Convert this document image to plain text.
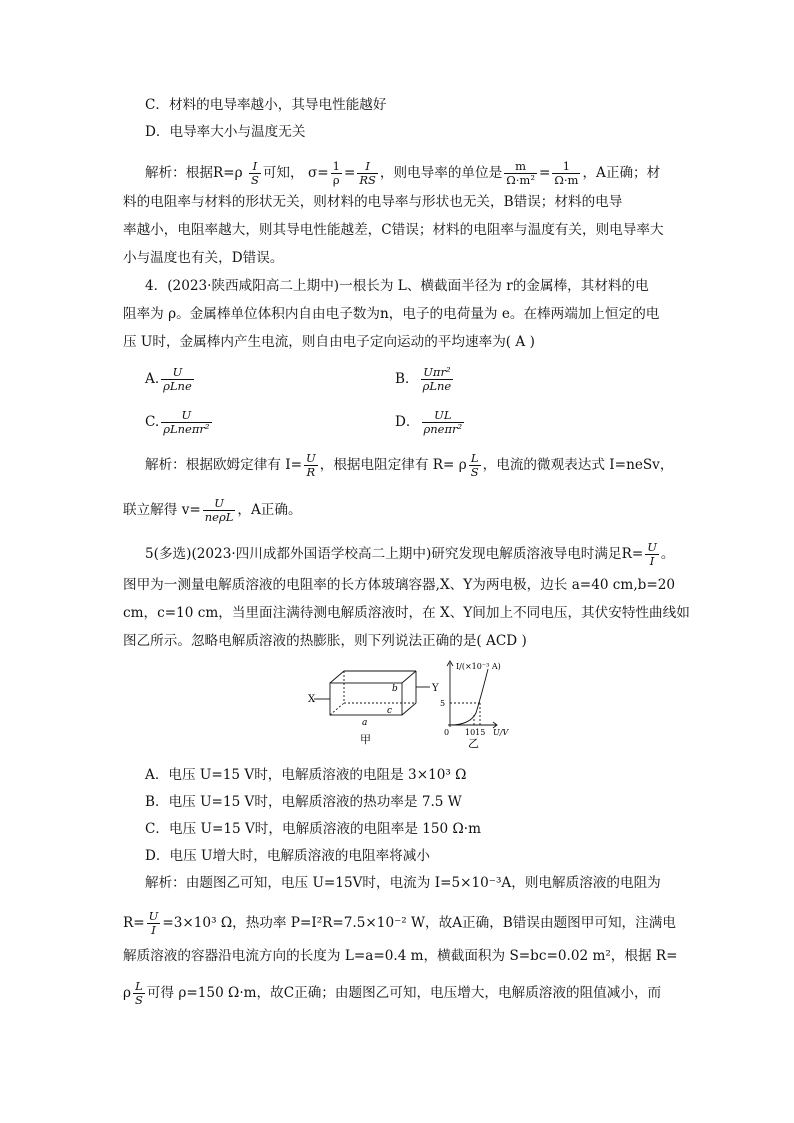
C．材料的电导率越小，其导电性能越好
D．电导率大小与温度无关
解析：根据$R=\rho \frac{I}{S}$ 可知， $\sigma= \frac{1}{\rho} = \frac{I}{RS}$ ，则电导率的单位是 $\frac{m}{\text{Ω·m²}} = \frac{1}{\Omega\cdot m}$ ，A正确；材
料的电阻率与材料的形状无关，则材料的电导率与形状也无关，B错误；材料的电导
率越小，电阻率越大，则其导电性能越差，C错误；材料的电阻率与温度有关，则电导率大
小与温度也有关，D错误。
4．(2023·陕西咸阳高二上期中)一根长为 L、横截面半径为 r的金属棒，其材料的电
阻率为 ρ。金属棒单位体积内自由电子数为n，电子的电荷量为 e。在棒两端加上恒定的电
压 U时，金属棒内产生电流，则自由电子定向运动的平均速率为( A )
A. $\frac{U}{\text{ρLne}}$	B． $\frac{\text{Uπr²}}{\text{ρLne}}$
C. $\frac{U}{\text{ρLneπr²}}$	D． $\frac{UL}{\text{ρneπr²}}$
解析：根据欧姆定律有 $I= \frac{U}{R}$ ，根据电阻定律有 R= ρ $\frac{L}{S}$ ，电流的微观表达式 I=neSv，
联立解得 $v= \frac{U}{\text{neρL}}$ ，A正确。
5(多选)(2023·四川成都外国语学校高二上期中)研究发现电解质溶液导电时满足$R= \frac{U}{I}$ 。
图甲为一测量电解质溶液的电阻率的长方体玻璃容器,X、Y为两电极，边长 a=40 cm,b=20
cm，c=10 cm，当里面注满待测电解质溶液时，在 X、Y间加上不同电压，其伏安特性曲线如
图乙所示。忽略电解质溶液的热膨胀，则下列说法正确的是( ACD )
X
Y
a
b
c
甲
I/(×10⁻³ A)
5
0 1015 U/V
乙
A．电压 U=15 V时，电解质溶液的电阻是 3×10³ Ω
B．电压 U=15 V时，电解质溶液的热功率是 7.5 W
C．电压 U=15 V时，电解质溶液的电阻率是 150 Ω·m
D．电压 U增大时，电解质溶液的电阻率将减小
解析：由题图乙可知，电压 U=15V时，电流为 I=5×10⁻³A，则电解质溶液的电阻为
$R= \frac{U}{I} =3\times 10^3$ Ω，热功率 P=I²R=7.5×10⁻² W，故A正确，B错误由题图甲可知，注满电
解质溶液的容器沿电流方向的长度为 L=a=0.4 m，横截面积为 S=bc=0.02 m²，根据 R=
ρ $\frac{L}{S}$ 可得 ρ=150 Ω·m，故C正确；由题图乙可知，电压增大，电解质溶液的阻值减小，而
